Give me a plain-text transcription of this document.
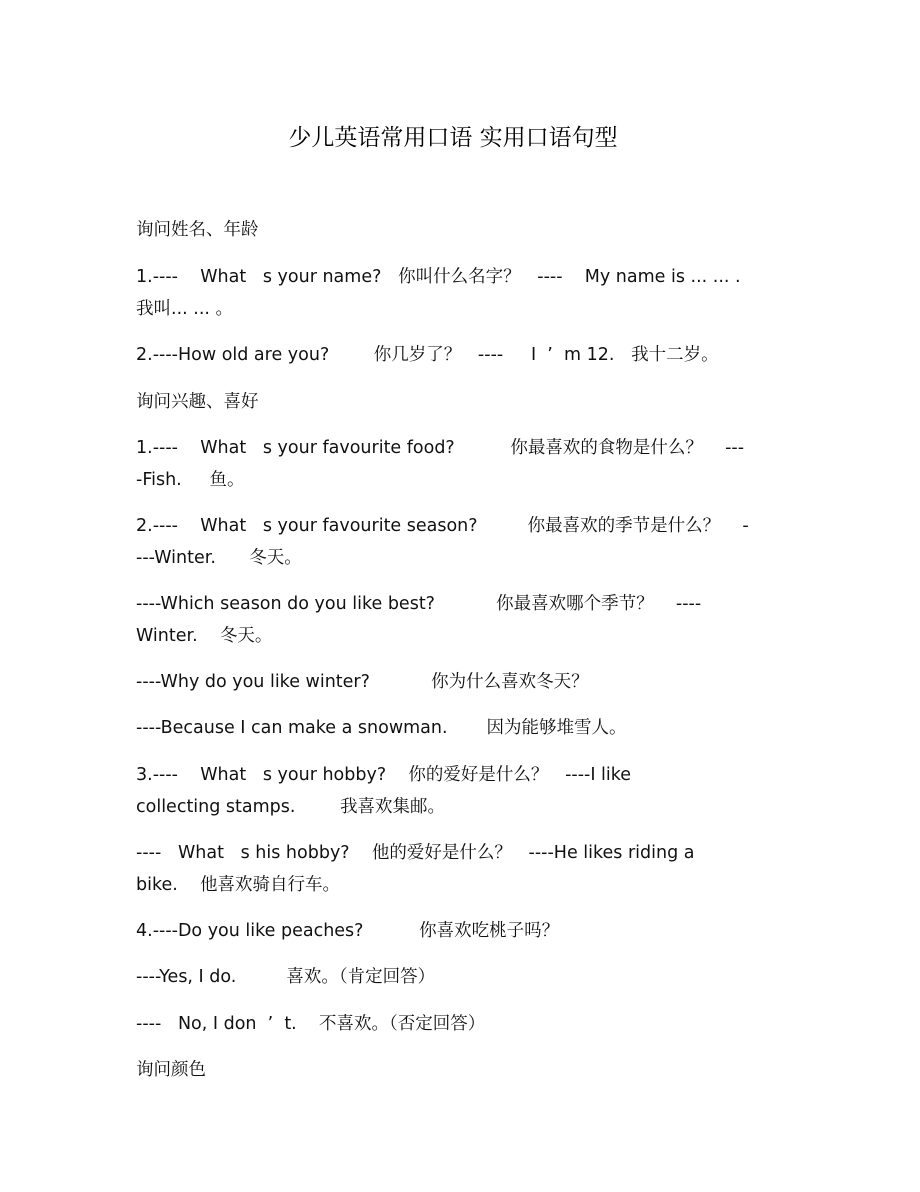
少儿英语常用口语 实用口语句型
询问姓名、年龄
1.----    What   s your name?   你叫什么名字？   ----    My name is ... ... .
我叫... ... 。
2.----How old are you?        你几岁了？   ----     I  ’  m 12.   我十二岁。
询问兴趣、喜好
1.----    What   s your favourite food?          你最喜欢的食物是什么？    ---
-Fish.     鱼。
2.----    What   s your favourite season?         你最喜欢的季节是什么？    -
---Winter.      冬天。
----Which season do you like best?           你最喜欢哪个季节？    ----
Winter.    冬天。
----Why do you like winter?           你为什么喜欢冬天？
----Because I can make a snowman.       因为能够堆雪人。
3.----    What   s your hobby?    你的爱好是什么？   ----I like
collecting stamps.        我喜欢集邮。
----   What   s his hobby?    他的爱好是什么？   ----He likes riding a
bike.    他喜欢骑自行车。
4.----Do you like peaches?          你喜欢吃桃子吗？
----Yes, I do.         喜欢。（肯定回答）
----   No, I don  ’  t.    不喜欢。（否定回答）
询问颜色
